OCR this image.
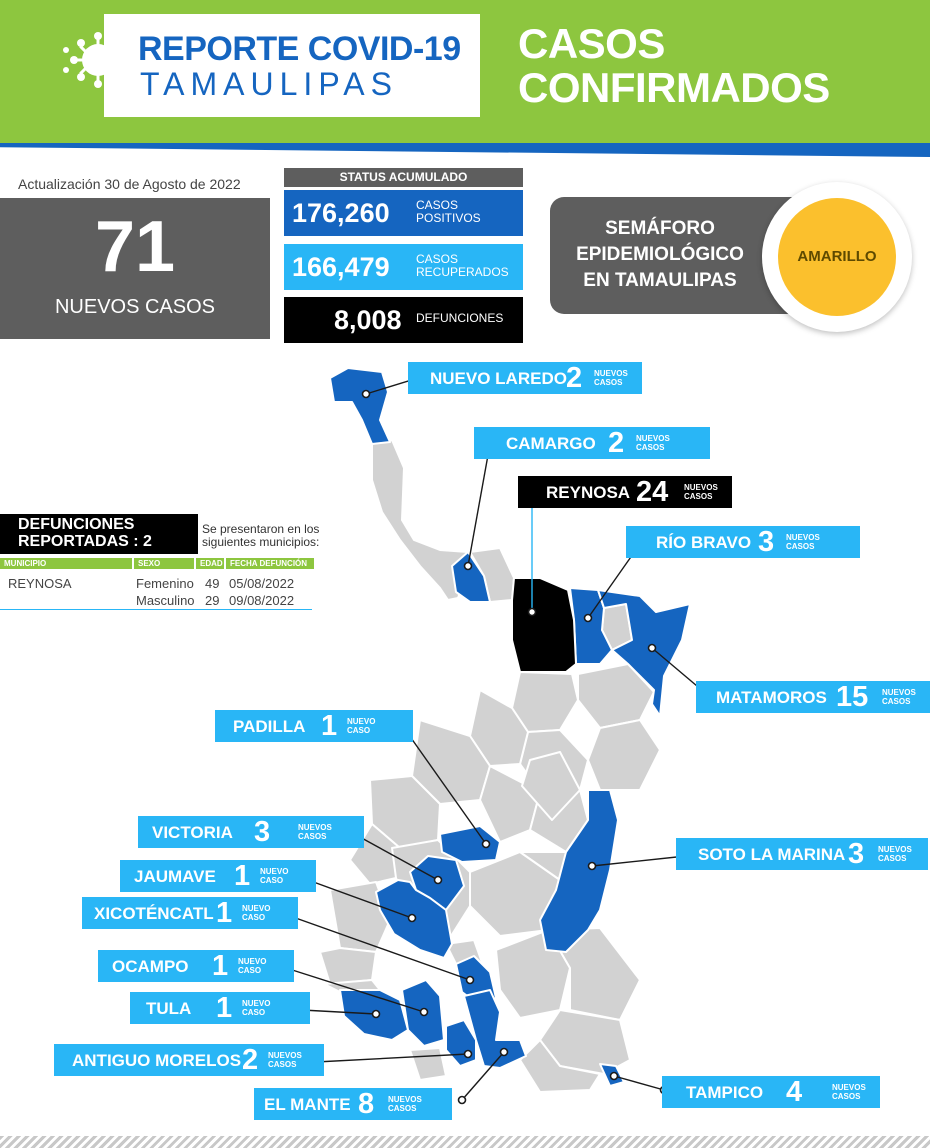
REPORTE COVID-19
TAMAULIPAS
CASOS
CONFIRMADOS
Actualización 30 de Agosto de 2022
71
NUEVOS CASOS
STATUS ACUMULADO
176,260 CASOS
POSITIVOS
166,479 CASOS
RECUPERADOS
8,008 DEFUNCIONES
SEMÁFORO
EPIDEMIOLÓGICO
EN TAMAULIPAS
AMARILLO
DEFUNCIONES
REPORTADAS : 2
Se presentaron en los
siguientes municipios:
MUNICIPIO	SEXO	EDAD FECHA DEFUNCIÓN
REYNOSA	Femenino 49 05/08/2022
Masculino 29 09/08/2022
NUEVO LAREDO 2 NUEVOS
CASOS
CAMARGO 2 NUEVOS
CASOS
REYNOSA 24 NUEVOS
CASOS
RÍO BRAVO 3 NUEVOS
CASOS
MATAMOROS 15 NUEVOS
CASOS
PADILLA 1 NUEVO
CASO
VICTORIA 3	NUEVOS
CASOS
SOTO LA MARINA 3 NUEVOS
CASOS
JAUMAVE 1 NUEVO
CASO
XICOTÉNCATL 1 NUEVO
CASO
OCAMPO 1 NUEVO
CASO
TULA 1 NUEVO
CASO
ANTIGUO MORELOS 2 NUEVOS
CASOS
EL MANTE 8 NUEVOS
CASOS
TAMPICO 4	NUEVOS
CASOS
